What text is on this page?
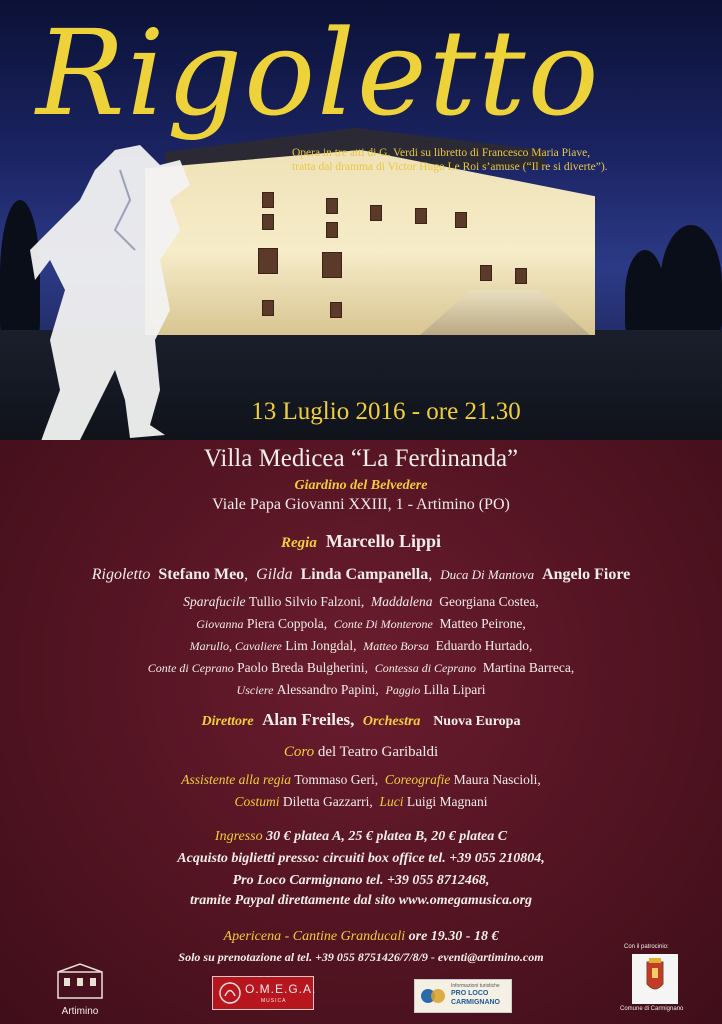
Rigoletto
Opera in tre atti di G. Verdi su libretto di Francesco Maria Piave,
tratta dal dramma di Victor Hugo Le Roi s’amuse (“Il re si diverte”).
13 Luglio 2016 - ore 21.30
Villa Medicea “La Ferdinanda”
Giardino del Belvedere
Viale Papa Giovanni XXIII, 1 - Artimino (PO)
Regia Marcello Lippi
Rigoletto Stefano Meo,  Gilda Linda Campanella,  Duca Di Mantova Angelo Fiore
Sparafucile Tullio Silvio Falzoni, Maddalena Georgiana Costea,
Giovanna Piera Coppola, Conte Di Monterone Matteo Peirone,
Marullo, Cavaliere Lim Jongdal, Matteo Borsa Eduardo Hurtado,
Conte di Ceprano Paolo Breda Bulgherini, Contessa di Ceprano Martina Barreca,
Usciere Alessandro Papini, Paggio Lilla Lipari
Direttore Alan Freiles, Orchestra Nuova Europa
Coro del Teatro Garibaldi
Assistente alla regia Tommaso Geri, Coreografie Maura Nascioli,
Costumi Diletta Gazzarri, Luci Luigi Magnani
Ingresso 30 € platea A, 25 € platea B, 20 € platea C
Acquisto biglietti presso: circuiti box office tel. +39 055 210804,
Pro Loco Carmignano tel. +39 055 8712468,
tramite Paypal direttamente dal sito www.omegamusica.org
Apericena - Cantine Granducali ore 19.30 - 18 €
Solo su prenotazione al tel. +39 055 8751426/7/8/9 - eventi@artimino.com
Artimino
O.M.E.G.A.
MUSICA
Informazioni turistiche
PRO LOCO
CARMIGNANO
Con il patrocinio:
Comune di Carmignano
